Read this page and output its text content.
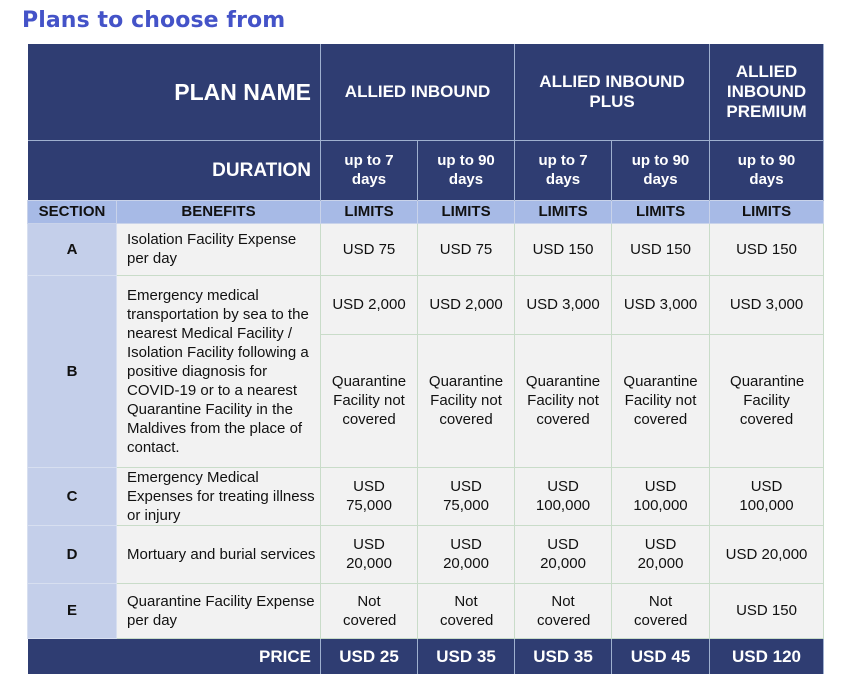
Plans to choose from
PLAN NAME		ALLIED INBOUND		ALLIED INBOUND PLUS		ALLIED INBOUND PREMIUM
DURATION		up to 7 days	up to 90 days	up to 7 days	up to 90 days	up to 90 days
SECTION	BENEFITS	LIMITS	LIMITS	LIMITS	LIMITS	LIMITS
A	Isolation Facility Expense per day	USD 75	USD 75	USD 150	USD 150	USD 150
B	Emergency medical transportation by sea to the nearest Medical Facility / Isolation Facility following a positive diagnosis for COVID-19 or to a nearest Quarantine Facility in the Maldives from the place of contact.	USD 2,000	USD 2,000	USD 3,000	USD 3,000	USD 3,000
		Quarantine Facility not covered	Quarantine Facility not covered	Quarantine Facility not covered	Quarantine Facility not covered	Quarantine Facility covered
C	Emergency Medical Expenses for treating illness or injury	USD 75,000	USD 75,000	USD 100,000	USD 100,000	USD 100,000
D	Mortuary and burial services	USD 20,000	USD 20,000	USD 20,000	USD 20,000	USD 20,000
E	Quarantine Facility Expense per day	Not covered	Not covered	Not covered	Not covered	USD 150
PRICE		USD 25	USD 35	USD 35	USD 45	USD 120
